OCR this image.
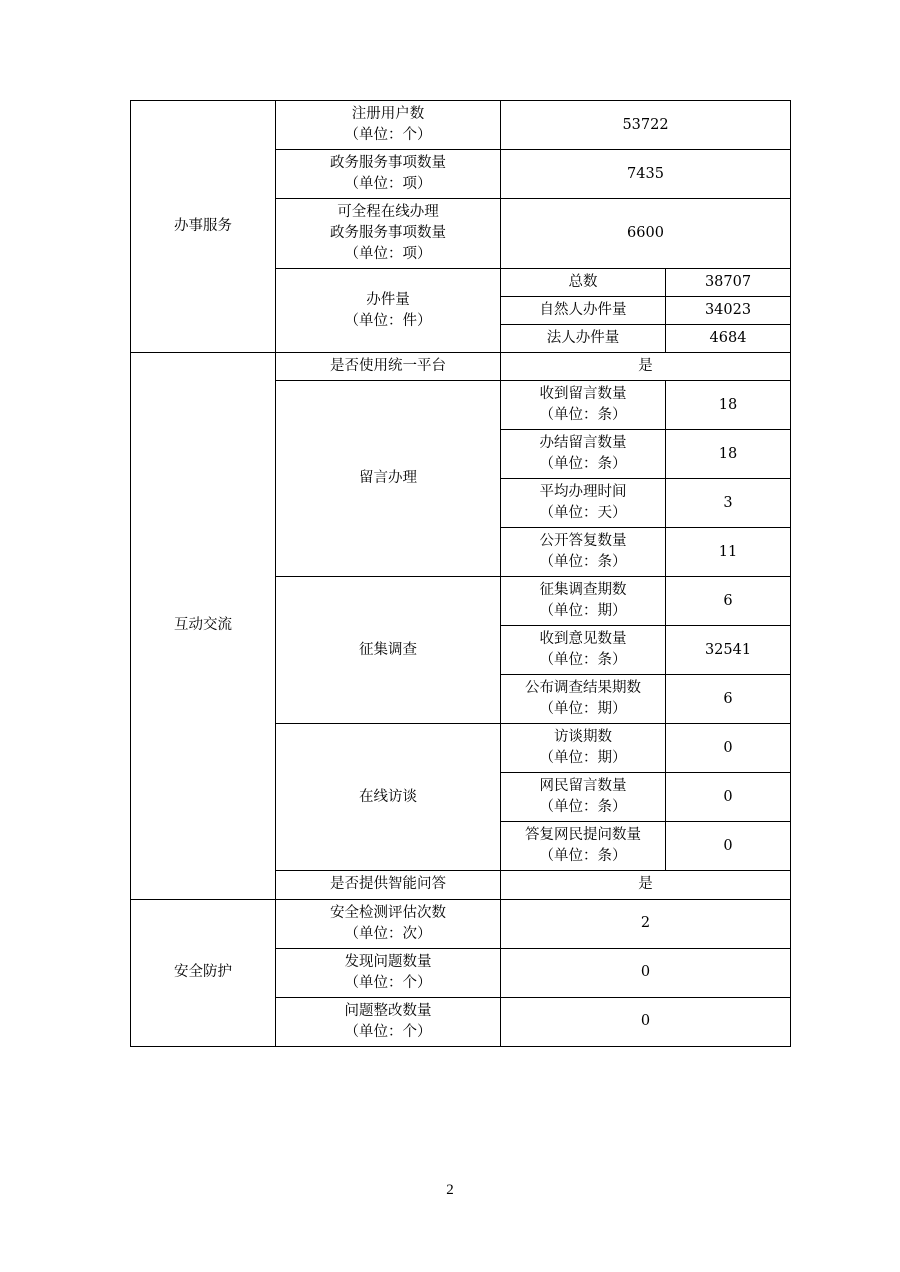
办事服务	注册用户数
（单位：个）	53722	

	政务服务事项数量
（单位：项）	7435	

	可全程在线办理
政务服务事项数量
（单位：项）	6600	

	办件量
（单位：件）	总数	38707
		自然人办件量	34023
		法人办件量	4684
互动交流	是否使用统一平台	是	
	留言办理	收到留言数量
（单位：条）	18

		办结留言数量
（单位：条）	18

		平均办理时间
（单位：天）	3

		公开答复数量
（单位：条）	11
	征集调查	征集调查期数
（单位：期）	6

		收到意见数量
（单位：条）	32541

		公布调查结果期数
（单位：期）	6
	在线访谈	访谈期数
（单位：期）	0

		网民留言数量
（单位：条）	0

		答复网民提问数量
（单位：条）	0
	是否提供智能问答	是	
安全防护	安全检测评估次数
（单位：次）	2	

	发现问题数量
（单位：个）	0	

	问题整改数量
（单位：个）	0	
2
